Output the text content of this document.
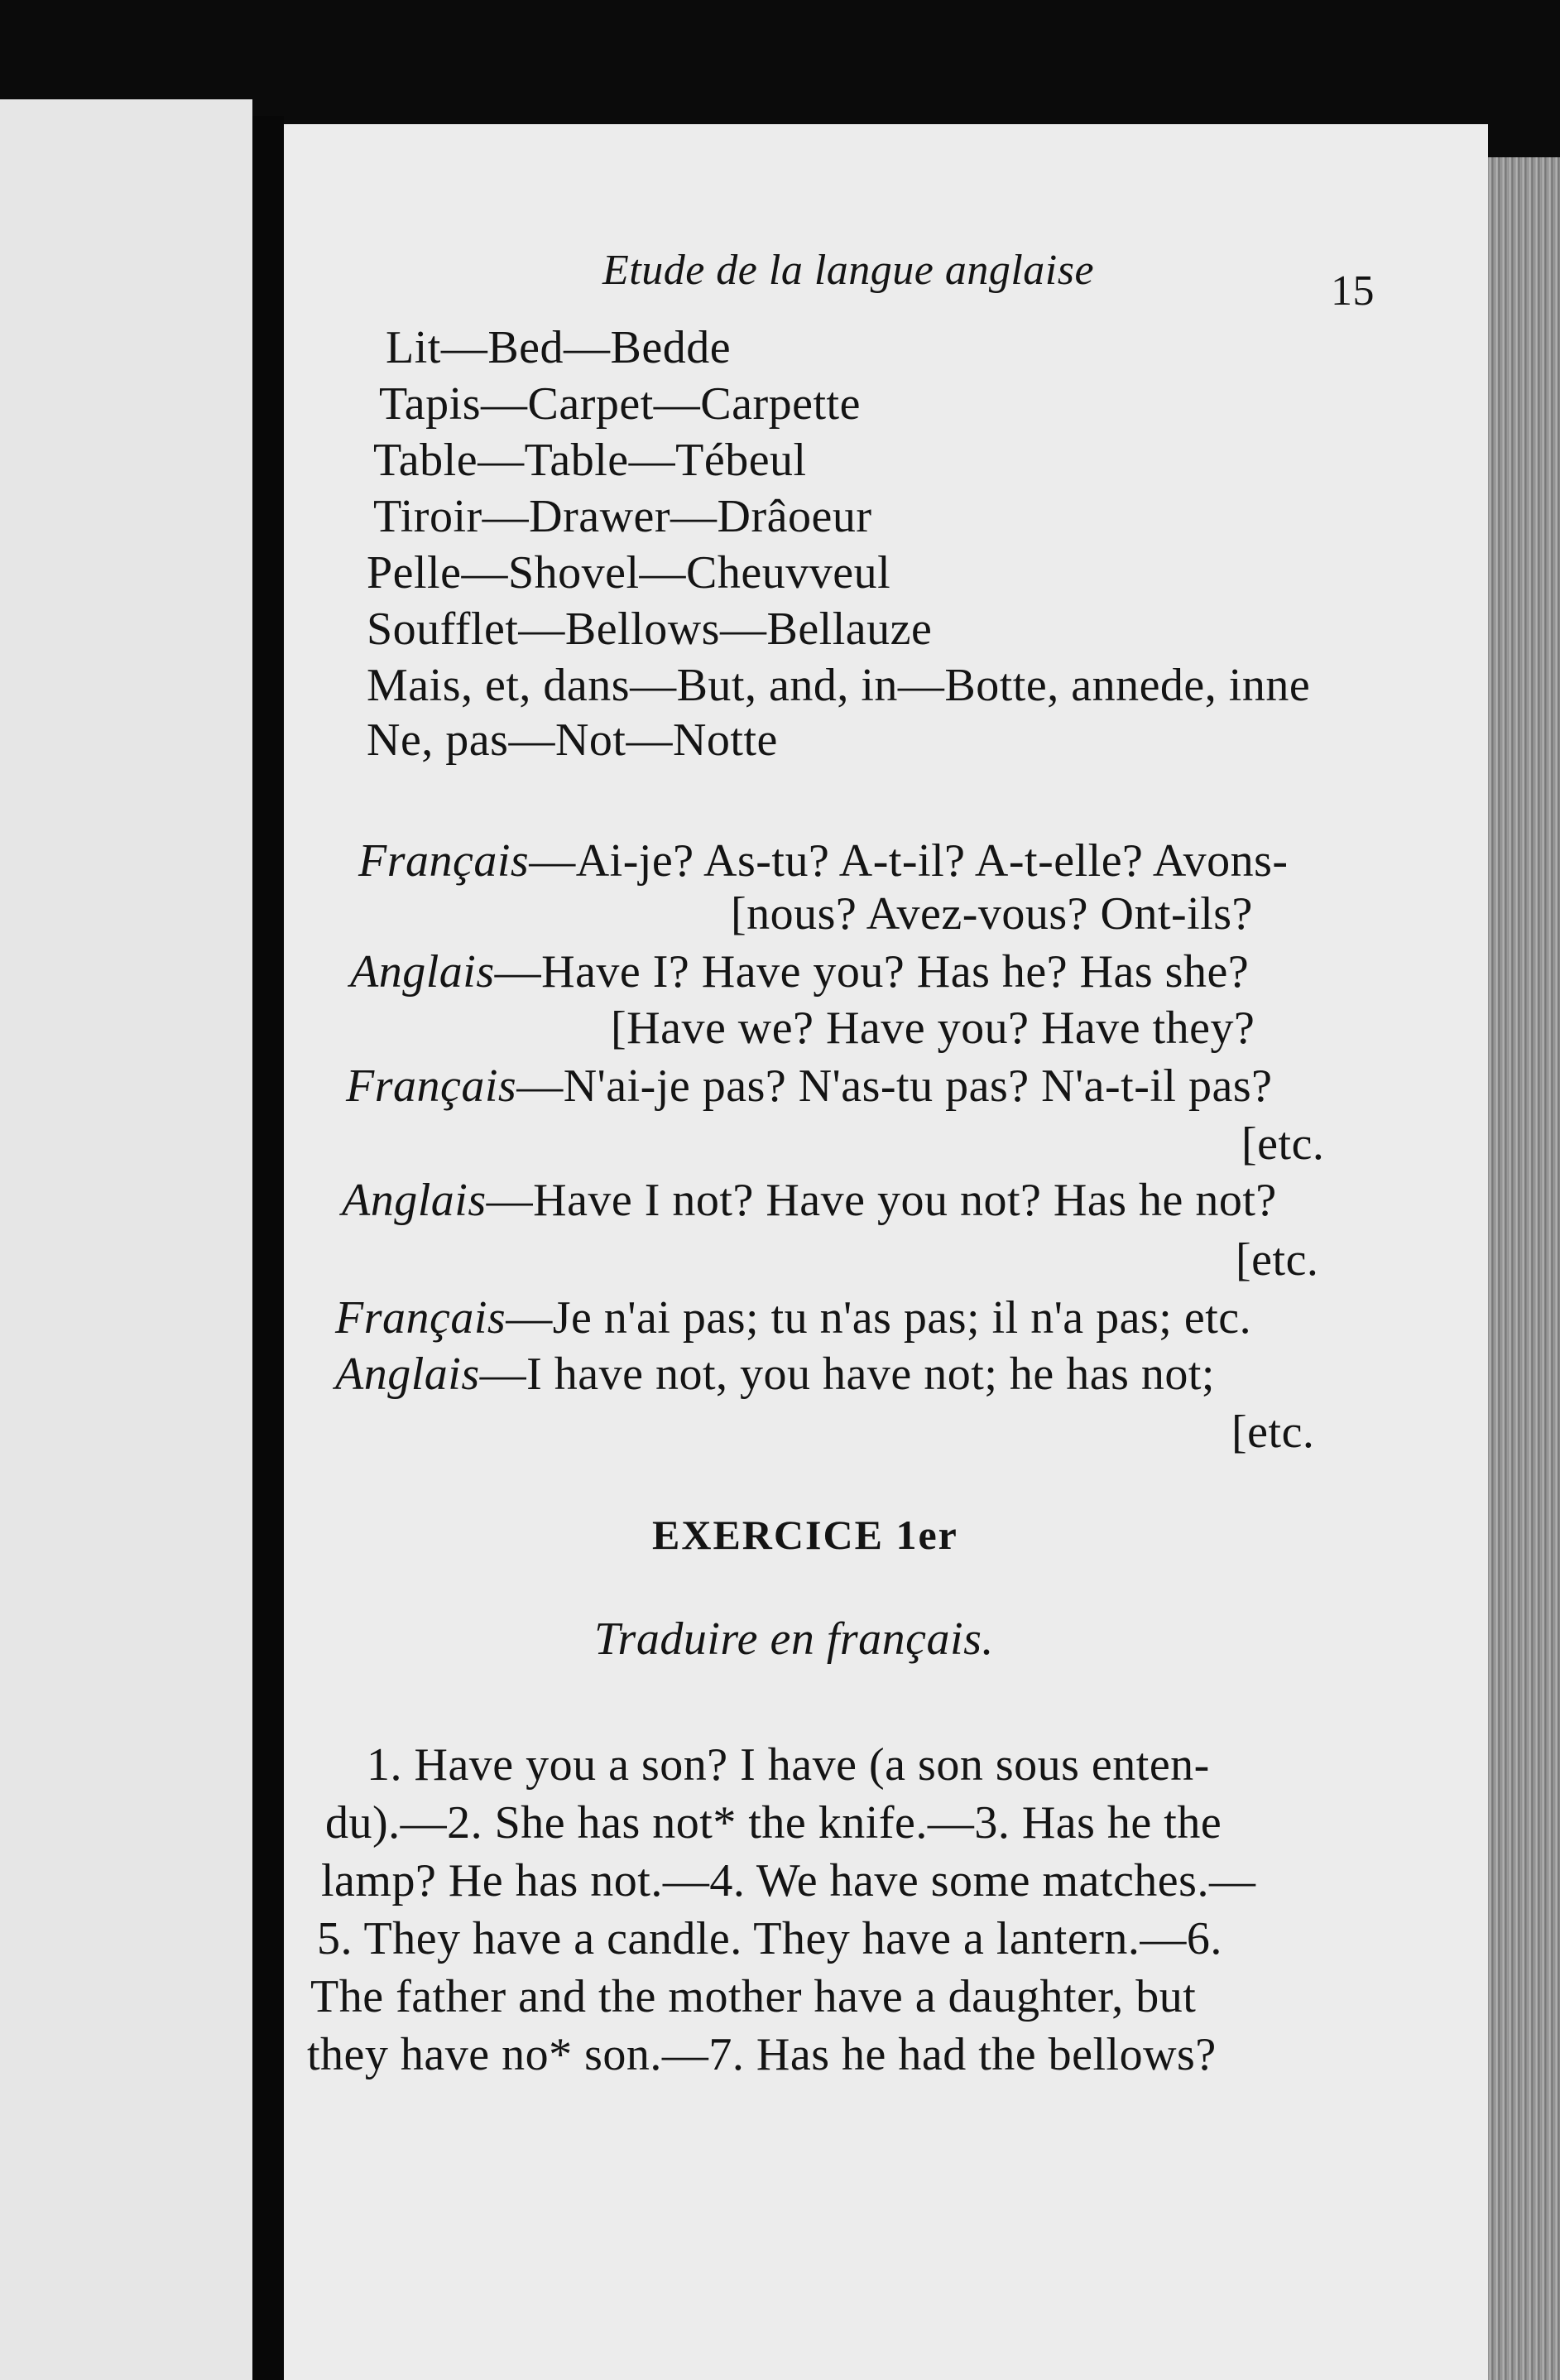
Etude de la langue anglaise	15
Lit—Bed—Bedde
Tapis—Carpet—Carpette
Table—Table—Tébeul
Tiroir—Drawer—Drâoeur
Pelle—Shovel—Cheuvveul
Soufflet—Bellows—Bellauze
Mais, et, dans—But, and, in—Botte, annede, inne
Ne, pas—Not—Notte
Français—Ai-je? As-tu? A-t-il? A-t-elle? Avons-
[nous? Avez-vous? Ont-ils?
Anglais—Have I? Have you? Has he? Has she?
[Have we? Have you? Have they?
Français—N'ai-je pas? N'as-tu pas? N'a-t-il pas?
[etc.
Anglais—Have I not? Have you not? Has he not?
[etc.
Français—Je n'ai pas; tu n'as pas; il n'a pas; etc.
Anglais—I have not, you have not; he has not;
[etc.
EXERCICE 1er
Traduire en français.
1. Have you a son? I have (a son sous enten-
du).—2. She has not* the knife.—3. Has he the
lamp? He has not.—4. We have some matches.—
5. They have a candle. They have a lantern.—6.
The father and the mother have a daughter, but
they have no* son.—7. Has he had the bellows?
